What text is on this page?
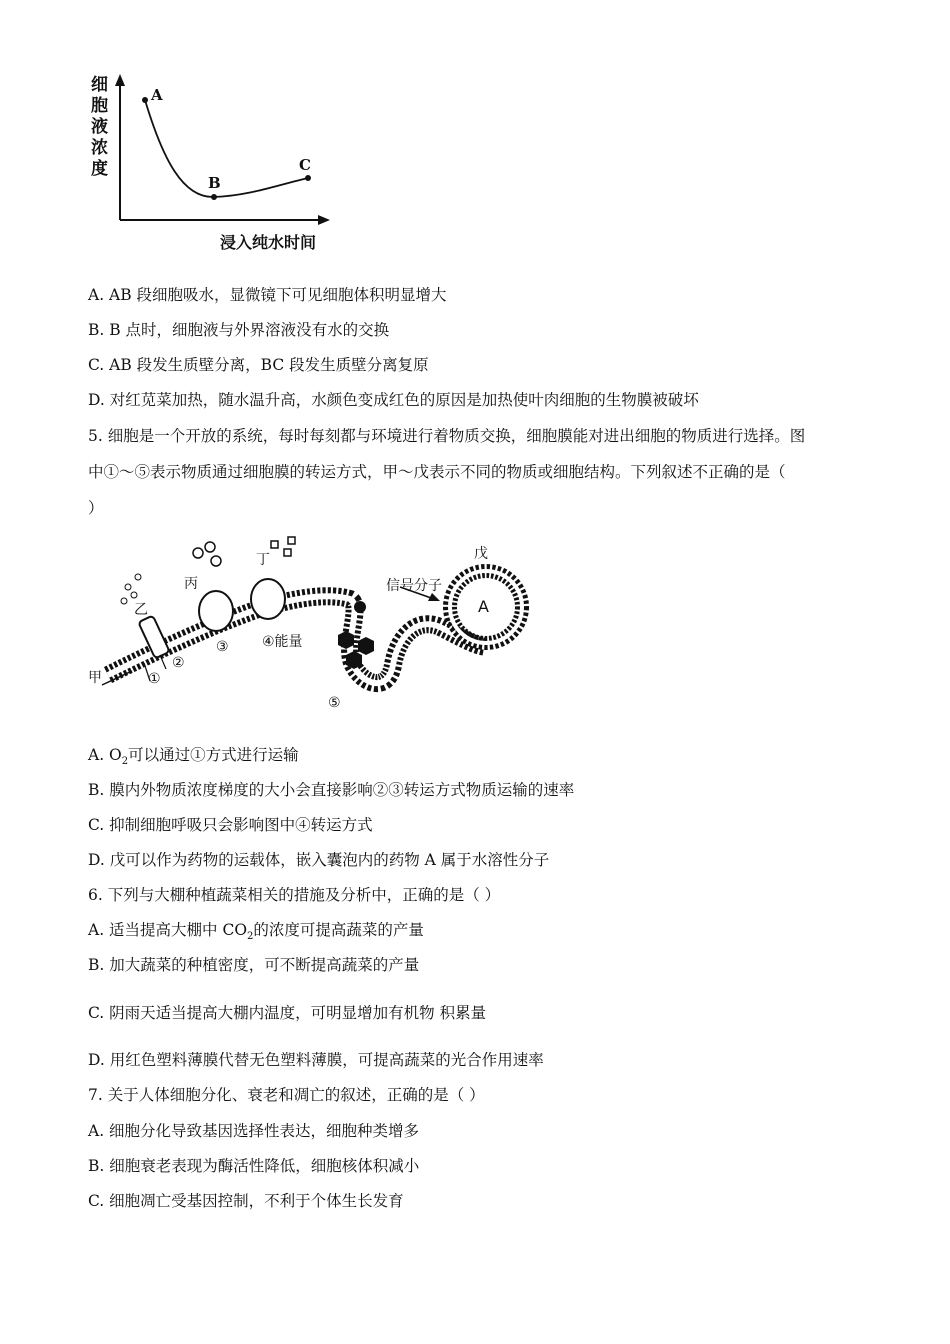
细胞液浓度
浸入纯水时间
A
B
C
A. AB 段细胞吸水，显微镜下可见细胞体积明显增大
B. B 点时，细胞液与外界溶液没有水的交换
C. AB 段发生质壁分离，BC 段发生质壁分离复原
D. 对红苋菜加热，随水温升高，水颜色变成红色的原因是加热使叶肉细胞的生物膜被破坏
5. 细胞是一个开放的系统，每时每刻都与环境进行着物质交换，细胞膜能对进出细胞的物质进行选择。图
中①～⑤表示物质通过细胞膜的转运方式，甲～戊表示不同的物质或细胞结构。下列叙述不正确的是（
）
甲
乙
丙
丁	戊
信号分子
④能量
A
①
②
③
⑤
A. $O_2$可以通过①方式进行运输
B. 膜内外物质浓度梯度的大小会直接影响②③转运方式物质运输的速率
C. 抑制细胞呼吸只会影响图中④转运方式
D. 戊可以作为药物的运载体，嵌入囊泡内的药物 A 属于水溶性分子
6. 下列与大棚种植蔬菜相关的措施及分析中，正确的是（ ）
A. 适当提高大棚中 $CO_2$的浓度可提高蔬菜的产量
B. 加大蔬菜的种植密度，可不断提高蔬菜的产量
C. 阴雨天适当提高大棚内温度，可明显增加有机物 积累量
D. 用红色塑料薄膜代替无色塑料薄膜，可提高蔬菜的光合作用速率
7. 关于人体细胞分化、衰老和凋亡的叙述，正确的是（ ）
A. 细胞分化导致基因选择性表达，细胞种类增多
B. 细胞衰老表现为酶活性降低，细胞核体积减小
C. 细胞凋亡受基因控制，不利于个体生长发育
